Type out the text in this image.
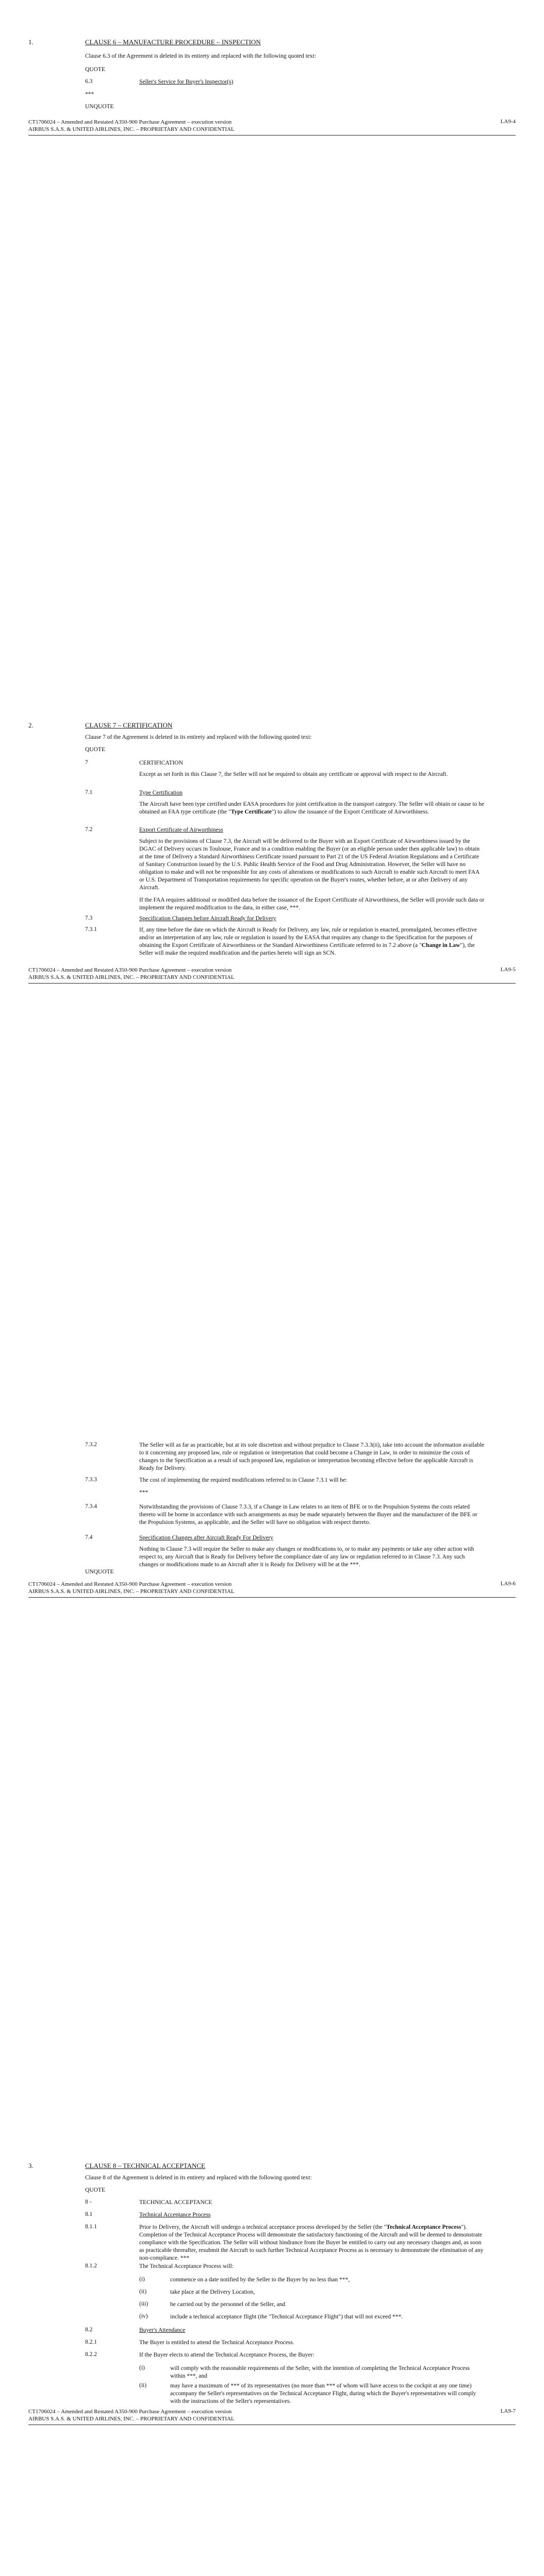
1.	CLAUSE 6 – MANUFACTURE PROCEDURE – INSPECTION
Clause 6.3 of the Agreement is deleted in its entirety and replaced with the following quoted text:
QUOTE
6.3	Seller's Service for Buyer's Inspector(s)
***
UNQUOTE
CT1706024 – Amended and Restated A350-900 Purchase Agreement – execution version
AIRBUS S.A.S. & UNITED AIRLINES, INC. – PROPRIETARY AND CONFIDENTIAL
LA9-4
2.	CLAUSE 7 – CERTIFICATION
Clause 7 of the Agreement is deleted in its entirety and replaced with the following quoted text:
QUOTE
7	CERTIFICATION
Except as set forth in this Clause 7, the Seller will not be required to obtain any certificate or approval with respect to the Aircraft.
7.1	Type Certification
The Aircraft have been type certified under EASA procedures for joint certification in the transport category. The Seller will obtain or cause to be obtained an FAA type certificate (the "Type Certificate") to allow the issuance of the Export Certificate of Airworthiness.
7.2	Export Certificate of Airworthiness
Subject to the provisions of Clause 7.3, the Aircraft will be delivered to the Buyer with an Export Certificate of Airworthiness issued by the DGAC of Delivery occurs in Toulouse, France and in a condition enabling the Buyer (or an eligible person under then applicable law) to obtain at the time of Delivery a Standard Airworthiness Certificate issued pursuant to Part 21 of the US Federal Aviation Regulations and a Certificate of Sanitary Construction issued by the U.S. Public Health Service of the Food and Drug Administration. However, the Seller will have no obligation to make and will not be responsible for any costs of alterations or modifications to such Aircraft to enable such Aircraft to meet FAA or U.S. Department of Transportation requirements for specific operation on the Buyer's routes, whether before, at or after Delivery of any Aircraft.
If the FAA requires additional or modified data before the issuance of the Export Certificate of Airworthiness, the Seller will provide such data or implement the required modification to the data, in either case, ***.
7.3	Specification Changes before Aircraft Ready for Delivery
7.3.1	If, any time before the date on which the Aircraft is Ready for Delivery, any law, rule or regulation is enacted, promulgated, becomes effective and/or an interpretation of any law, rule or regulation is issued by the EASA that requires any change to the Specification for the purposes of obtaining the Export Certificate of Airworthiness or the Standard Airworthiness Certificate referred to in 7.2 above (a "Change in Law"), the Seller will make the required modification and the parties hereto will sign an SCN.
CT1706024 – Amended and Restated A350-900 Purchase Agreement – execution version
AIRBUS S.A.S. & UNITED AIRLINES, INC. – PROPRIETARY AND CONFIDENTIAL
LA9-5
7.3.2	The Seller will as far as practicable, but at its sole discretion and without prejudice to Clause 7.3.3(ii), take into account the information available to it concerning any proposed law, rule or regulation or interpretation that could become a Change in Law, in order to minimize the costs of changes to the Specification as a result of such proposed law, regulation or interpretation becoming effective before the applicable Aircraft is Ready for Delivery.
7.3.3	The cost of implementing the required modifications referred to in Clause 7.3.1 will be:
***
7.3.4	Notwithstanding the provisions of Clause 7.3.3, if a Change in Law relates to an item of BFE or to the Propulsion Systems the costs related thereto will be borne in accordance with such arrangements as may be made separately between the Buyer and the manufacturer of the BFE or the Propulsion Systems, as applicable, and the Seller will have no obligation with respect thereto.
7.4	Specification Changes after Aircraft Ready For Delivery
Nothing in Clause 7.3 will require the Seller to make any changes or modifications to, or to make any payments or take any other action with respect to, any Aircraft that is Ready for Delivery before the compliance date of any law or regulation referred to in Clause 7.3. Any such changes or modifications made to an Aircraft after it is Ready for Delivery will be at the ***.
UNQUOTE
CT1706024 – Amended and Restated A350-900 Purchase Agreement – execution version
AIRBUS S.A.S. & UNITED AIRLINES, INC. – PROPRIETARY AND CONFIDENTIAL
LA9-6
3.	CLAUSE 8 – TECHNICAL ACCEPTANCE
Clause 8 of the Agreement is deleted in its entirety and replaced with the following quoted text:
QUOTE
8 -	TECHNICAL ACCEPTANCE
8.1	Technical Acceptance Process
8.1.1	Prior to Delivery, the Aircraft will undergo a technical acceptance process developed by the Seller (the "Technical Acceptance Process"). Completion of the Technical Acceptance Process will demonstrate the satisfactory functioning of the Aircraft and will be deemed to demonstrate compliance with the Specification. The Seller will without hindrance from the Buyer be entitled to carry out any necessary changes and, as soon as practicable thereafter, resubmit the Aircraft to such further Technical Acceptance Process as is necessary to demonstrate the elimination of any non-compliance. ***
8.1.2	The Technical Acceptance Process will:
(i)	commence on a date notified by the Seller to the Buyer by no less than ***,
(ii)	take place at the Delivery Location,
(iii)	be carried out by the personnel of the Seller, and
(iv)	include a technical acceptance flight (the "Technical Acceptance Flight") that will not exceed ***.
8.2	Buyer's Attendance
8.2.1	The Buyer is entitled to attend the Technical Acceptance Process.
8.2.2	If the Buyer elects to attend the Technical Acceptance Process, the Buyer:
(i)	will comply with the reasonable requirements of the Seller, with the intention of completing the Technical Acceptance Process within ***, and
(ii)	may have a maximum of *** of its representatives (no more than *** of whom will have access to the cockpit at any one time) accompany the Seller's representatives on the Technical Acceptance Flight, during which the Buyer's representatives will comply with the instructions of the Seller's representatives.
CT1706024 – Amended and Restated A350-900 Purchase Agreement – execution version
AIRBUS S.A.S. & UNITED AIRLINES, INC. – PROPRIETARY AND CONFIDENTIAL
LA9-7
